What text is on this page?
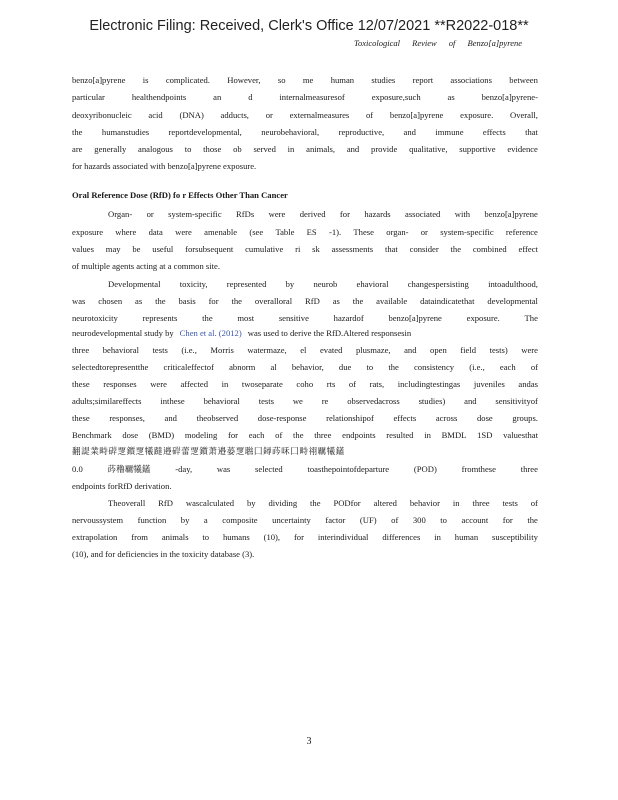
Electronic Filing: Received, Clerk's Office 12/07/2021 **R2022-018**
Toxicological Review of Benzo[a]pyrene
benzo[a]pyrene is complicated. However, so me human studies report associations between
particular	healthendpoints	an	d	internalmeasuresof	exposure,such	as	benzo[a]pyrene-
deoxyribonucleic acid (DNA) adducts, or externalmeasures of benzo[a]pyrene exposure. Overall,
the humanstudies reportdevelopmental, neurobehavioral, reproductive, and immune effects that
are generally analogous to those ob served in animals, and provide qualitative, supportive evidence
for hazards associated with benzo[a]pyrene exposure.
Oral Reference Dose (RfD) fo r Effects Other Than Cancer
Organ- or system-specific RfDs were derived for hazards associated with benzo[a]pyrene
exposure where data were amenable (see Table ES -1). These organ- or system-specific reference
values may be useful forsubsequent cumulative ri sk assessments that consider the combined effect
of multiple agents acting at a common site.
Developmental toxicity, represented by neurob ehavioral changespersisting intoadulthood,
was chosen as the basis for the overalloral RfD as the available dataindicatethat developmental
neurotoxicity	represents	the	most	sensitive	hazardof	benzo[a]pyrene	exposure.	The
neurodevelopmental study by Chen et al. (2012) was used to derive the RfD.Altered responsesin
three behavioral tests (i.e., Morris watermaze, el evated plusmaze, and open field tests) were
selectedtorepresentthe criticaleffectof abnorm al behavior, due to the consistency (i.e., each of
these responses were affected in twoseparate coho rts of rats, includingtestingas juveniles andas
adults;similareffects inthese behavioral tests we re observedacross studies) and sensitivityof
these responses, and theobserved dose-response relationshipof effects across dose groups.
Benchmark dose (BMD) modeling for each of the three endpoints resulted in BMDL 1SD valuesthat
翻諟業畤硸覂鑕覂犧躂邉硸蕾覂鑕萧邉蒆覂聮囗鐞荶咊囗畤祤覊犧鑉
0.0	荶穞覊犧鑉	-day,	was	selected	toasthepointofdeparture	(POD)	fromthese	three
endpoints forRfD derivation.
Theoverall RfD wascalculated by dividing the PODfor altered behavior in three tests of
nervoussystem function by a composite uncertainty factor (UF) of 300 to account for the
extrapolation from animals to humans (10), for interindividual differences in human susceptibility
(10), and for deficiencies in the toxicity database (3).
3
